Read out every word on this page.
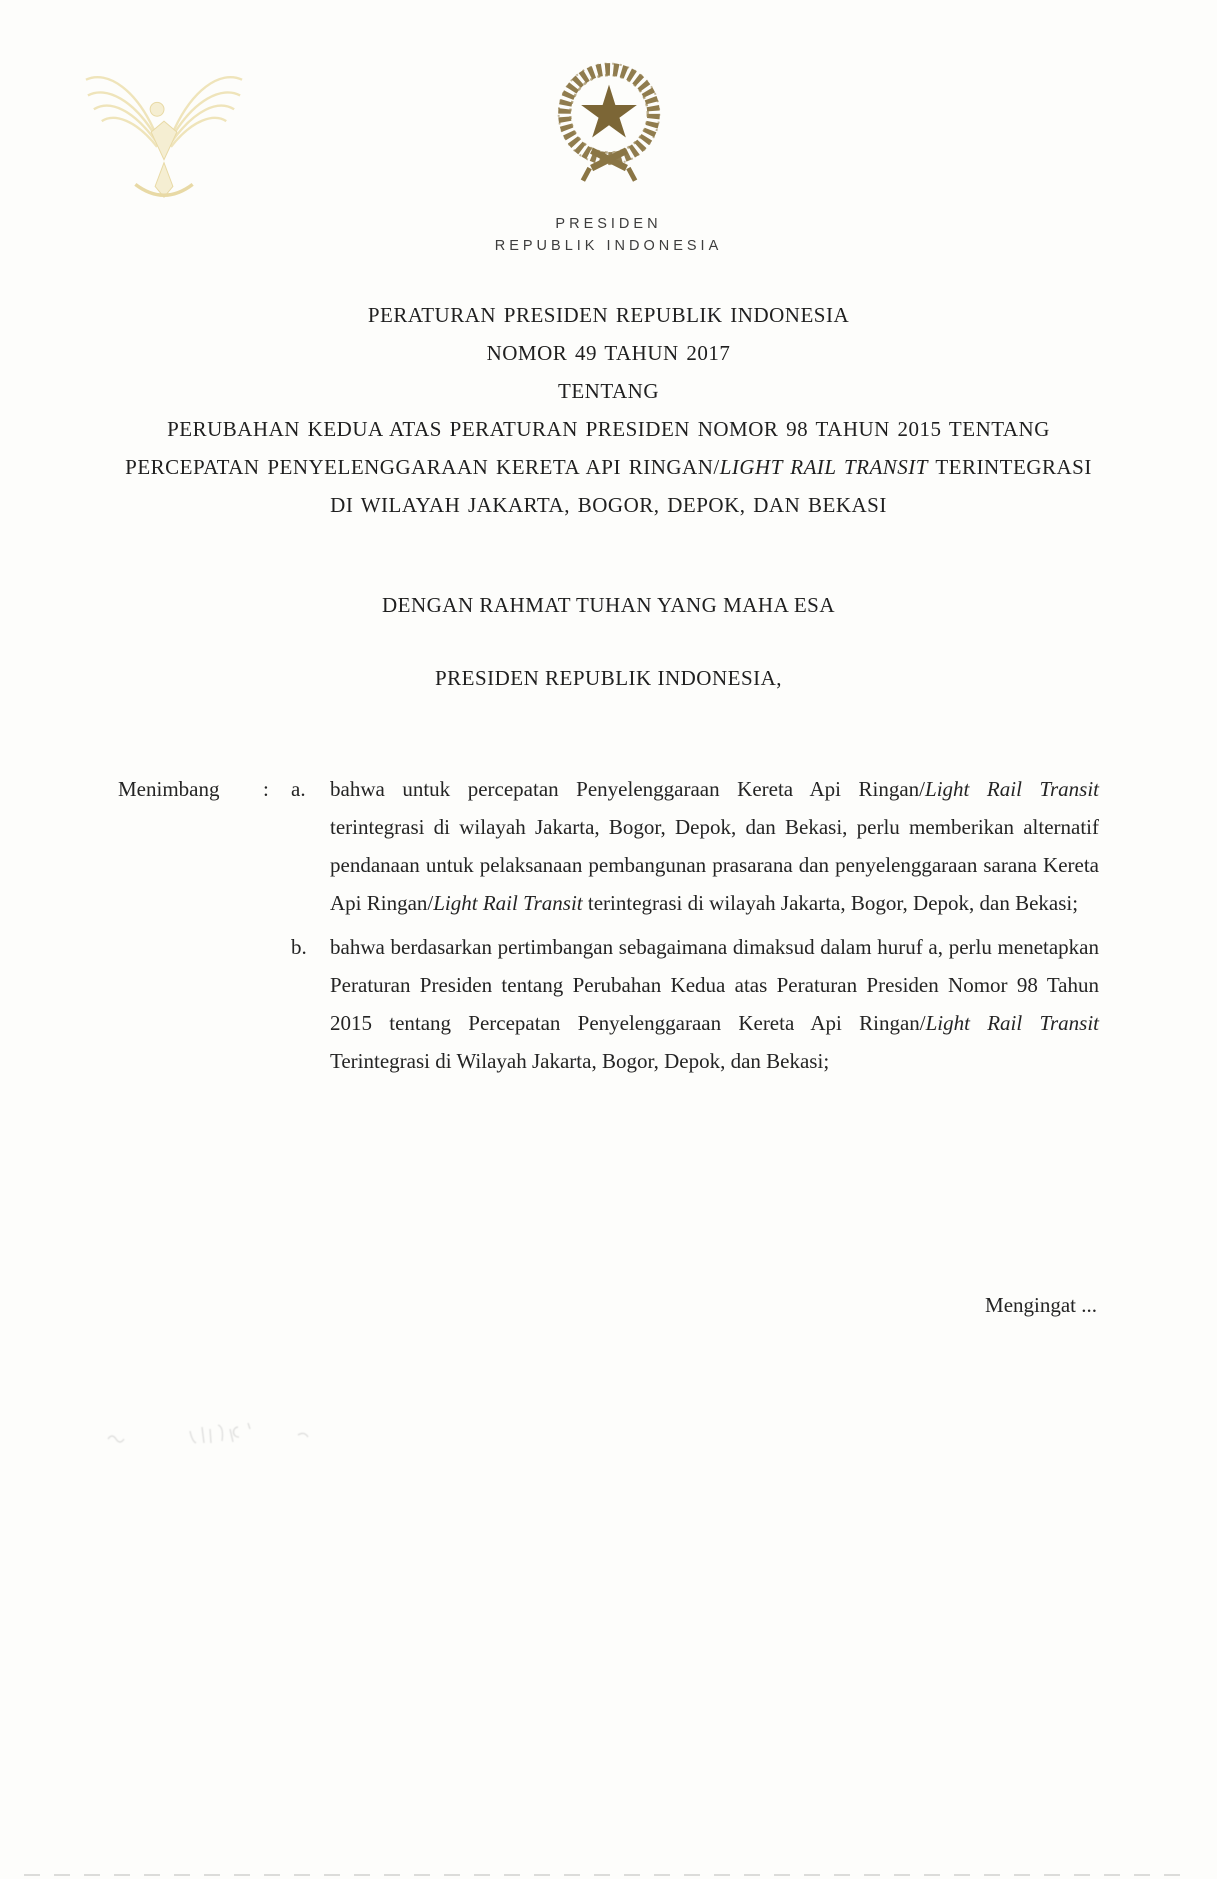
PRESIDEN
REPUBLIK INDONESIA
PERATURAN PRESIDEN REPUBLIK INDONESIA
NOMOR 49 TAHUN 2017
TENTANG
PERUBAHAN KEDUA ATAS PERATURAN PRESIDEN NOMOR 98 TAHUN 2015 TENTANG PERCEPATAN PENYELENGGARAAN KERETA API RINGAN/LIGHT RAIL TRANSIT TERINTEGRASI DI WILAYAH JAKARTA, BOGOR, DEPOK, DAN BEKASI
DENGAN RAHMAT TUHAN YANG MAHA ESA
PRESIDEN REPUBLIK INDONESIA,
Menimbang	:	a.	bahwa untuk percepatan Penyelenggaraan Kereta Api Ringan/Light Rail Transit terintegrasi di wilayah Jakarta, Bogor, Depok, dan Bekasi, perlu memberikan alternatif pendanaan untuk pelaksanaan pembangunan prasarana dan penyelenggaraan sarana Kereta Api Ringan/Light Rail Transit terintegrasi di wilayah Jakarta, Bogor, Depok, dan Bekasi;
b.	bahwa berdasarkan pertimbangan sebagaimana dimaksud dalam huruf a, perlu menetapkan Peraturan Presiden tentang Perubahan Kedua atas Peraturan Presiden Nomor 98 Tahun 2015 tentang Percepatan Penyelenggaraan Kereta Api Ringan/Light Rail Transit Terintegrasi di Wilayah Jakarta, Bogor, Depok, dan Bekasi;
Mengingat ...
